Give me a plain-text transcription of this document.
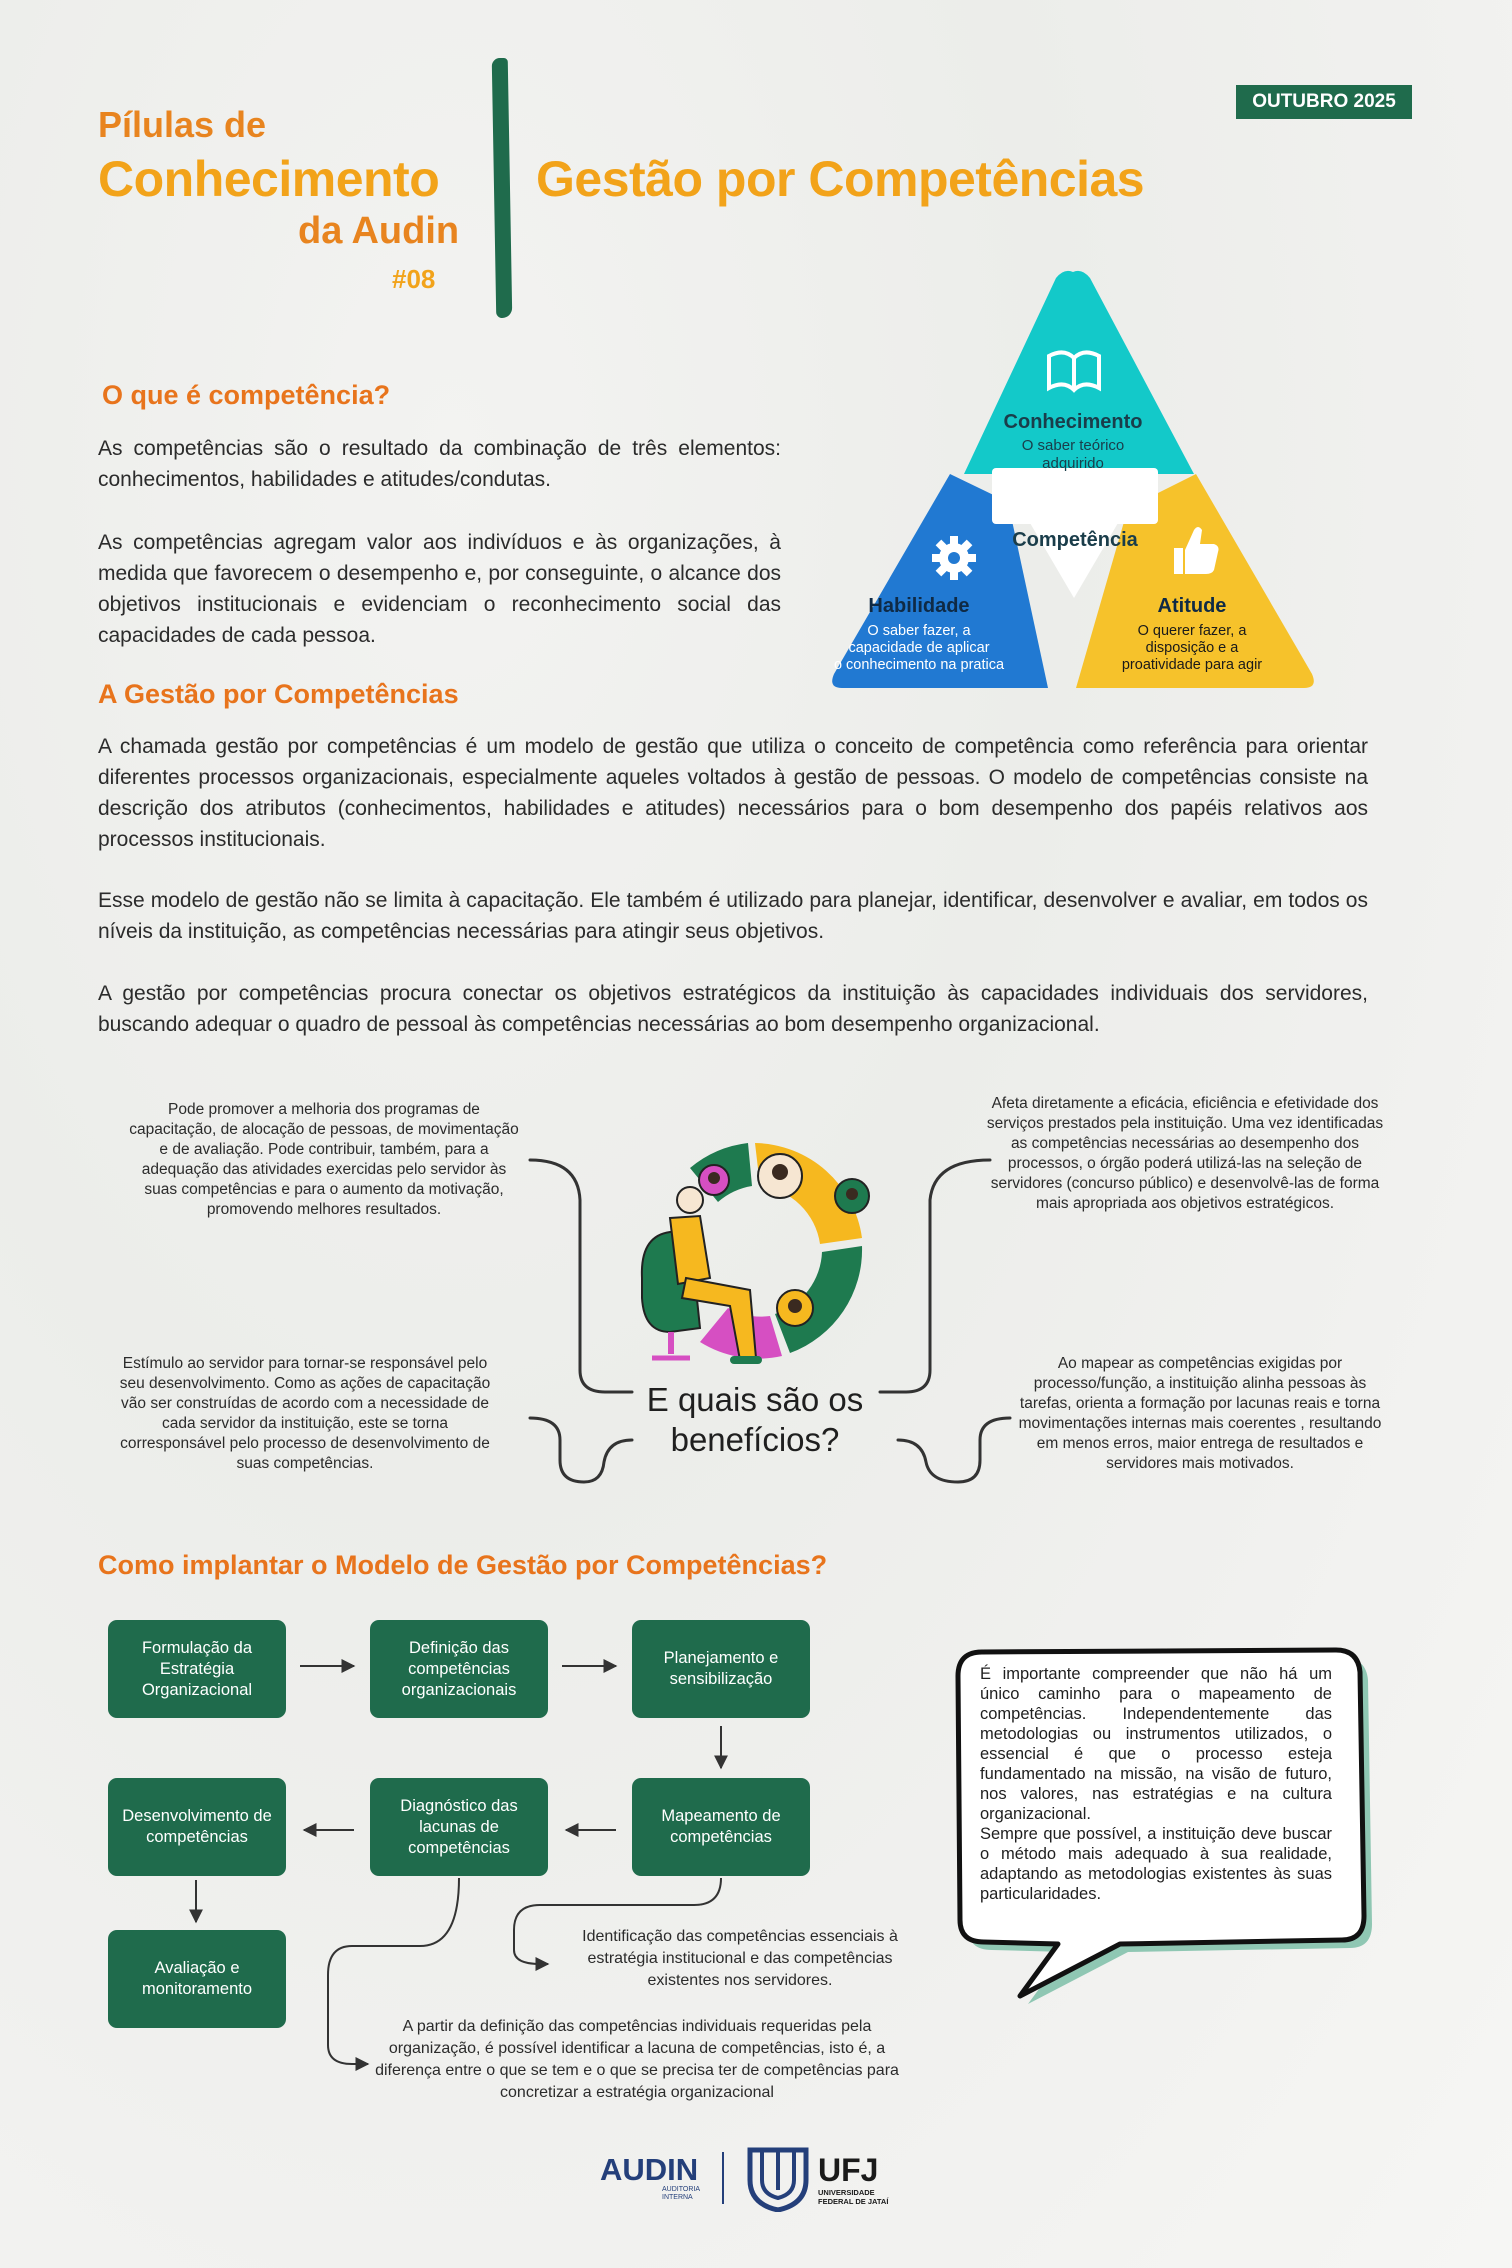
Pílulas de
Conhecimento
da Audin
#08
Gestão por Competências
OUTUBRO 2025
O que é competência?

As competências são o resultado da combinação de três elementos: conhecimentos, habilidades e atitudes/condutas.

As competências agregam valor aos indivíduos e às organizações, à medida que favorecem o desempenho e, por conseguinte, o alcance dos objetivos institucionais e evidenciam o reconhecimento social das capacidades de cada pessoa.

Conhecimento
O saber teórico
adquirido
Competência
Habilidade
O saber fazer, a
capacidade de aplicar
o conhecimento na pratica
Atitude
O querer fazer, a
disposição e a
proatividade para agir
A Gestão por Competências

A chamada gestão por competências é um modelo de gestão que utiliza o conceito de competência como referência para orientar diferentes processos organizacionais, especialmente aqueles voltados à gestão de pessoas. O modelo de competências consiste na descrição dos atributos (conhecimentos, habilidades e atitudes) necessários para o bom desempenho dos papéis relativos aos processos institucionais.

Esse modelo de gestão não se limita à capacitação. Ele também é utilizado para planejar, identificar, desenvolver e avaliar, em todos os níveis da instituição, as competências necessárias para atingir seus objetivos.

A gestão por competências procura conectar os objetivos estratégicos da instituição às capacidades individuais dos servidores, buscando adequar o quadro de pessoal às competências necessárias ao bom desempenho organizacional.

Pode promover a melhoria dos programas de capacitação, de alocação de pessoas, de movimentação e de avaliação. Pode contribuir, também, para a adequação das atividades exercidas pelo servidor às suas competências e para o aumento da motivação, promovendo melhores resultados.
Estímulo ao servidor para tornar-se responsável pelo seu desenvolvimento. Como as ações de capacitação vão ser construídas de acordo com a necessidade de cada servidor da instituição, este se torna corresponsável pelo processo de desenvolvimento de suas competências.
Afeta diretamente a eficácia, eficiência e efetividade dos serviços prestados pela instituição. Uma vez identificadas as competências necessárias ao desempenho dos processos, o órgão poderá utilizá-las na seleção de servidores (concurso público) e desenvolvê-las de forma mais apropriada aos objetivos estratégicos.
Ao mapear as competências exigidas por processo/função, a instituição alinha pessoas às tarefas, orienta a formação por lacunas reais e torna movimentações internas mais coerentes , resultando em menos erros, maior entrega de resultados e servidores mais motivados.
E quais são os
benefícios?
Como implantar o Modelo de Gestão por Competências?
Formulação da Estratégia Organizacional
Definição das competências organizacionais
Planejamento e sensibilização
Mapeamento de competências
Diagnóstico das lacunas de competências
Desenvolvimento de competências
Avaliação e monitoramento
Identificação das competências essenciais à estratégia institucional e das competências existentes nos servidores.
A partir da definição das competências individuais requeridas pela organização, é possível identificar a lacuna de competências, isto é, a diferença entre o que se tem e o que se precisa ter de competências para concretizar a estratégia organizacional
É importante compreender que não há um único caminho para o mapeamento de competências. Independentemente das metodologias ou instrumentos utilizados, o essencial é que o processo esteja fundamentado na missão, na visão de futuro, nos valores, nas estratégias e na cultura organizacional.
Sempre que possível, a instituição deve buscar o método mais adequado à sua realidade, adaptando as metodologias existentes às suas particularidades.
AUDIN
AUDITORIA
INTERNA
UFJ
UNIVERSIDADE
FEDERAL DE JATAÍ
